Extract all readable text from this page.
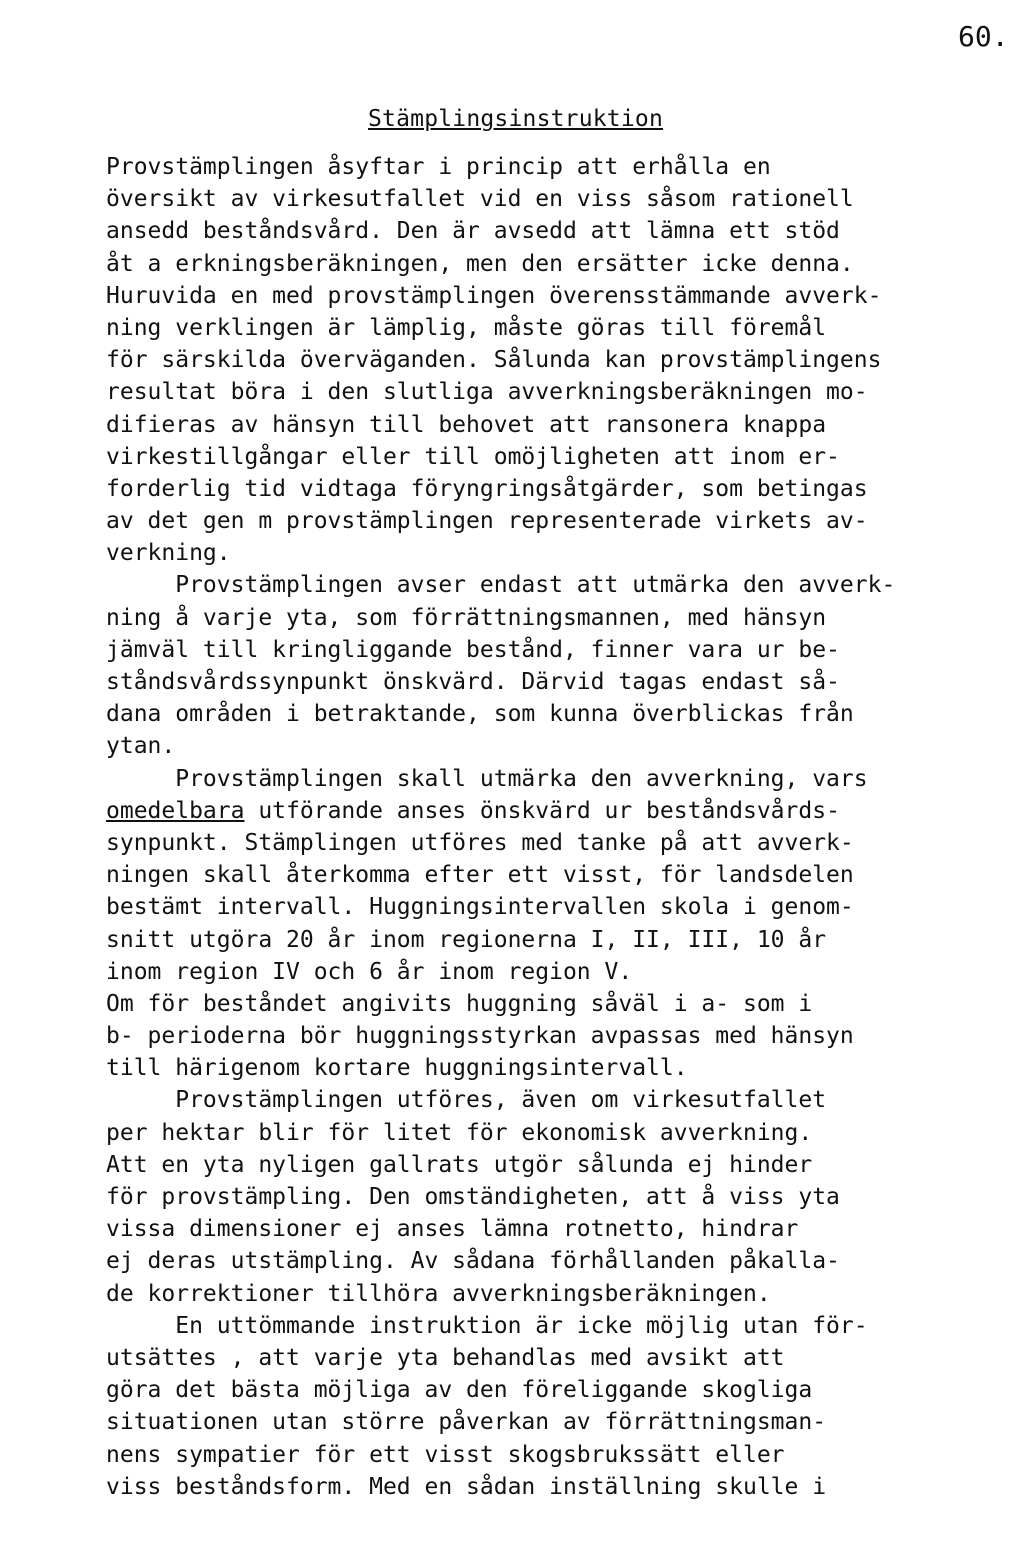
60.
Stämplingsinstruktion
Provstämplingen åsyftar i princip att erhålla en
översikt av virkesutfallet vid en viss såsom rationell
ansedd beståndsvård. Den är avsedd att lämna ett stöd
åt a erkningsberäkningen, men den ersätter icke denna.
Huruvida en med provstämplingen överensstämmande avverk-
ning verklingen är lämplig, måste göras till föremål
för särskilda överväganden. Sålunda kan provstämplingens
resultat böra i den slutliga avverkningsberäkningen mo-
difieras av hänsyn till behovet att ransonera knappa
virkestillgångar eller till omöjligheten att inom er-
forderlig tid vidtaga föryngringsåtgärder, som betingas
av det gen m provstämplingen representerade virkets av-
verkning.
Provstämplingen avser endast att utmärka den avverk-
ning å varje yta, som förrättningsmannen, med hänsyn
jämväl till kringliggande bestånd, finner vara ur be-
ståndsvårdssynpunkt önskvärd. Därvid tagas endast så-
dana områden i betraktande, som kunna överblickas från
ytan.
Provstämplingen skall utmärka den avverkning, vars
omedelbara utförande anses önskvärd ur beståndsvårds-
synpunkt. Stämplingen utföres med tanke på att avverk-
ningen skall återkomma efter ett visst, för landsdelen
bestämt intervall. Huggningsintervallen skola i genom-
snitt utgöra 20 år inom regionerna I, II, III, 10 år
inom region IV och 6 år inom region V.
Om för beståndet angivits huggning såväl i a- som i
b- perioderna bör huggningsstyrkan avpassas med hänsyn
till härigenom kortare huggningsintervall.
Provstämplingen utföres, även om virkesutfallet
per hektar blir för litet för ekonomisk avverkning.
Att en yta nyligen gallrats utgör sålunda ej hinder
för provstämpling. Den omständigheten, att å viss yta
vissa dimensioner ej anses lämna rotnetto, hindrar
ej deras utstämpling. Av sådana förhållanden påkalla-
de korrektioner tillhöra avverkningsberäkningen.
En uttömmande instruktion är icke möjlig utan för-
utsättes , att varje yta behandlas med avsikt att
göra det bästa möjliga av den föreliggande skogliga
situationen utan större påverkan av förrättningsman-
nens sympatier för ett visst skogsbrukssätt eller
viss beståndsform. Med en sådan inställning skulle i
